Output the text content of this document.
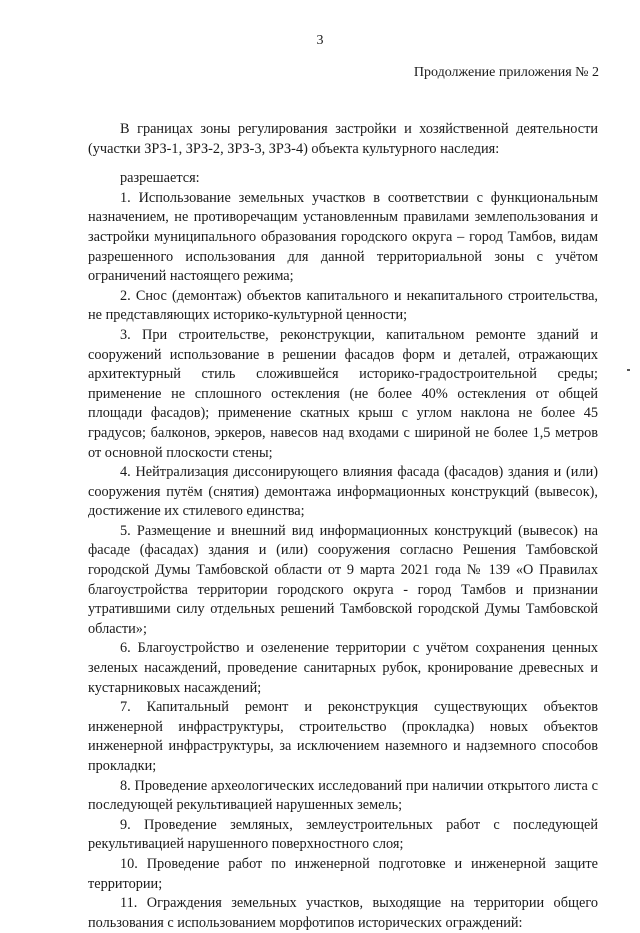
3
Продолжение приложения № 2

В границах зоны регулирования застройки и хозяйственной деятельности (участки ЗРЗ-1, ЗРЗ-2, ЗРЗ-3, ЗРЗ-4) объекта культурного наследия:

разрешается:

1. Использование земельных участков в соответствии с функциональным назначением, не противоречащим установленным правилами землепользования и застройки муниципального образования городского округа – город Тамбов, видам разрешенного использования для данной территориальной зоны с учётом ограничений настоящего режима;

2. Снос (демонтаж) объектов капитального и некапитального строительства, не представляющих историко-культурной ценности;

3. При строительстве, реконструкции, капитальном ремонте зданий и сооружений использование в решении фасадов форм и деталей, отражающих архитектурный стиль сложившейся историко-градостроительной среды; применение не сплошного остекления (не более 40% остекления от общей площади фасадов); применение скатных крыш с углом наклона не более 45 градусов; балконов, эркеров, навесов над входами с шириной не более 1,5 метров от основной плоскости стены;

4. Нейтрализация диссонирующего влияния фасада (фасадов) здания и (или) сооружения путём (снятия) демонтажа информационных конструкций (вывесок), достижение их стилевого единства;

5. Размещение и внешний вид информационных конструкций (вывесок) на фасаде (фасадах) здания и (или) сооружения согласно Решения Тамбовской городской Думы Тамбовской области от 9 марта 2021 года № 139 «О Правилах благоустройства территории городского округа - город Тамбов и признании утратившими силу отдельных решений Тамбовской городской Думы Тамбовской области»;

6. Благоустройство и озеленение территории с учётом сохранения ценных зеленых насаждений, проведение санитарных рубок, кронирование древесных и кустарниковых насаждений;

7. Капитальный ремонт и реконструкция существующих объектов инженерной инфраструктуры, строительство (прокладка) новых объектов инженерной инфраструктуры, за исключением наземного и надземного способов прокладки;

8. Проведение археологических исследований при наличии открытого листа с последующей рекультивацией нарушенных земель;

9. Проведение земляных, землеустроительных работ с последующей рекультивацией нарушенного поверхностного слоя;

10. Проведение работ по инженерной подготовке и инженерной защите территории;

11. Ограждения земельных участков, выходящие на территории общего пользования с использованием морфотипов исторических ограждений:
